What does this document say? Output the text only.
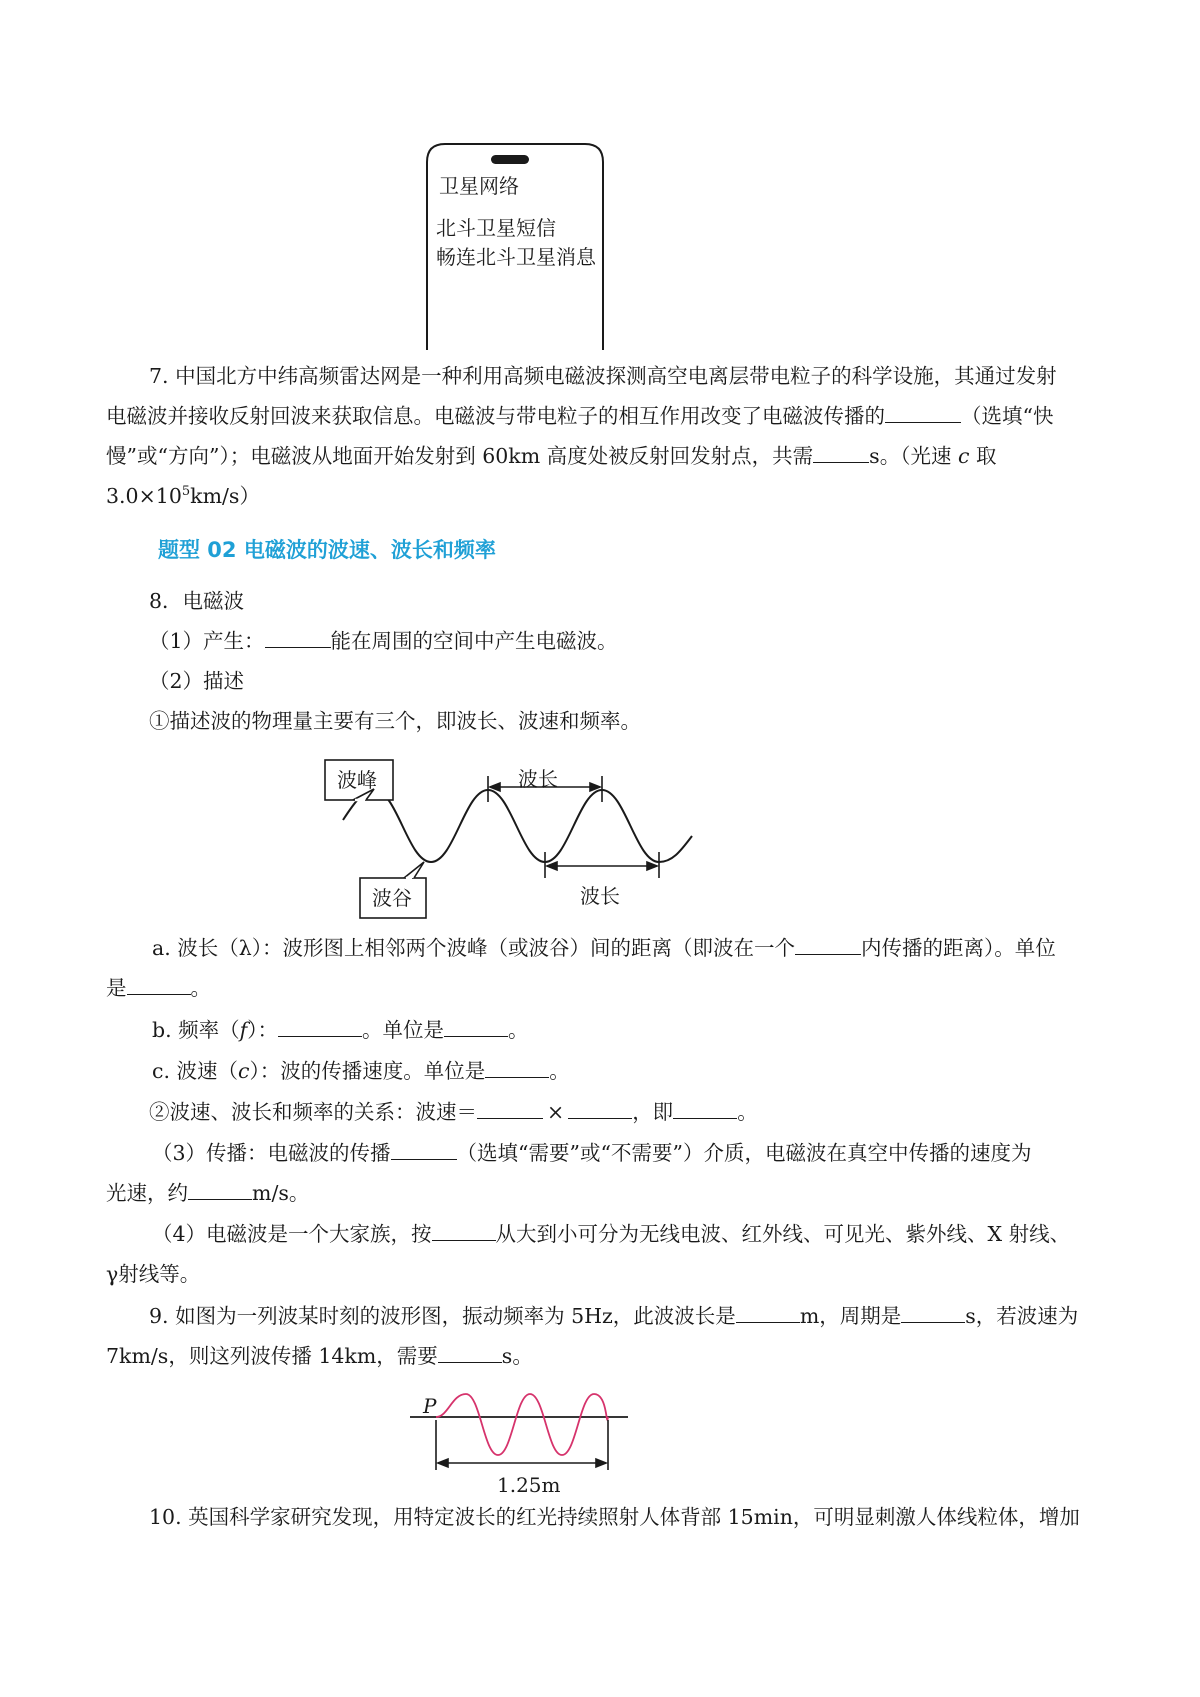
卫星网络
北斗卫星短信
畅连北斗卫星消息
7. 中国北方中纬高频雷达网是一种利用高频电磁波探测高空电离层带电粒子的科学设施，其通过发射
电磁波并接收反射回波来获取信息。电磁波与带电粒子的相互作用改变了电磁波传播的	（选填“快
慢”或“方向”）；电磁波从地面开始发射到 60km 高度处被反射回发射点，共需	s。（光速 c 取
$3.0\times 10^5km/s$）
题型 02 电磁波的波速、波长和频率
8．电磁波
（1）产生：	能在周围的空间中产生电磁波。
（2）描述
①描述波的物理量主要有三个，即波长、波速和频率。
波峰
波谷
波长
波长
a. 波长（λ）：波形图上相邻两个波峰（或波谷）间的距离（即波在一个	内传播的距离）。单位
是	。
b. 频率（f）：	。单位是	。
c. 波速（c）：波的传播速度。单位是	。
②波速、波长和频率的关系：波速＝	×	，即	。
（3）传播：电磁波的传播	（选填“需要”或“不需要”）介质，电磁波在真空中传播的速度为
光速，约	m/s。
（4）电磁波是一个大家族，按	从大到小可分为无线电波、红外线、可见光、紫外线、X 射线、
γ射线等。
9. 如图为一列波某时刻的波形图，振动频率为 5Hz，此波波长是	m，周期是	s，若波速为
7km/s，则这列波传播 14km，需要	s。
P
1.25m
10. 英国科学家研究发现，用特定波长的红光持续照射人体背部 15min，可明显刺激人体线粒体，增加
